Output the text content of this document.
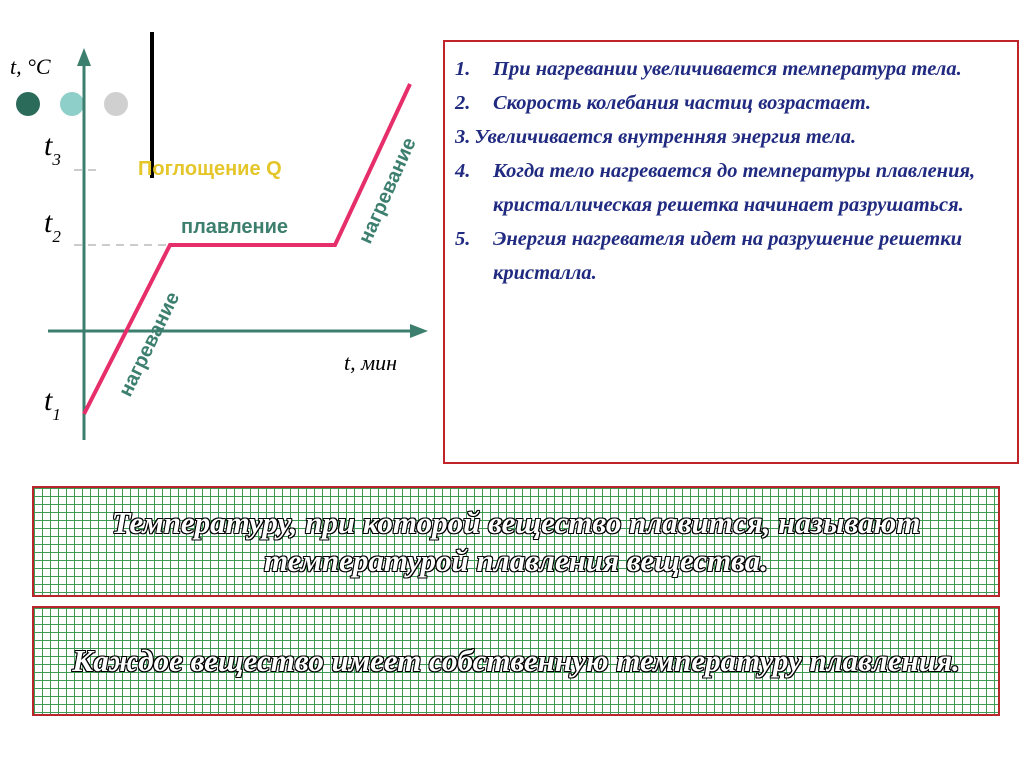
t, °C
t, мин
$t_3$
$t_2$
$t_1$
Поглощение Q
плавление
нагревание
нагревание
1. При нагревании увеличивается температура тела.
2. Скорость колебания частиц возрастает.
3. Увеличивается внутренняя энергия тела.
4. Когда тело нагревается до температуры плавления, кристаллическая решетка начинает разрушаться.
5. Энергия нагревателя идет на разрушение решетки кристалла.

Температуру, при которой вещество плавится, называют температурой плавления вещества.

Каждое вещество имеет собственную температуру плавления.
